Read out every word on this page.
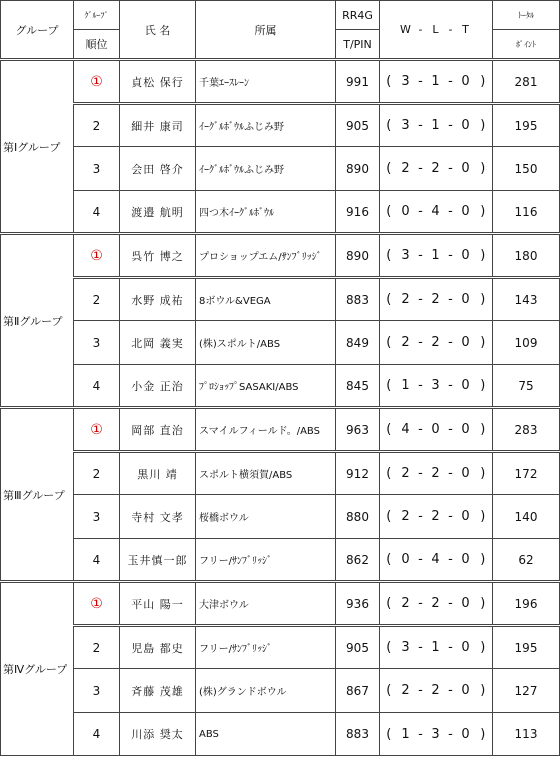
グループ	ｸﾞﾙｰﾌﾟ	氏 名	所属	RR4G		W	-	L	-	T		ﾄｰﾀﾙ
	順位			T/PIN								ﾎﾟｲﾝﾄ
第Ⅰグループ	①	貞松 保行	千葉ｴｰｽﾚｰﾝ	991	(	3	-	1	-	0	)	281
	2	細井 康司	ｲｰｸﾞﾙﾎﾞｳﾙふじみ野	905	(	3	-	1	-	0	)	195
	3	会田 啓介	ｲｰｸﾞﾙﾎﾞｳﾙふじみ野	890	(	2	-	2	-	0	)	150
	4	渡邉 航明	四つ木ｲｰｸﾞﾙﾎﾞｳﾙ	916	(	0	-	4	-	0	)	116
第Ⅱグループ	①	呉竹 博之	プロショップエム/ｻﾝﾌﾞﾘｯｼﾞ	890	(	3	-	1	-	0	)	180
	2	水野 成祐	8ボウル&VEGA	883	(	2	-	2	-	0	)	143
	3	北岡 義実	(株)スポルト/ABS	849	(	2	-	2	-	0	)	109
	4	小金 正治	ﾌﾟﾛｼｮｯﾌﾟSASAKI/ABS	845	(	1	-	3	-	0	)	75
第Ⅲグループ	①	岡部 直治	スマイルフィールド。/ABS	963	(	4	-	0	-	0	)	283
	2	黒川 靖	スポルト横須賀/ABS	912	(	2	-	2	-	0	)	172
	3	寺村 文孝	桜橋ボウル	880	(	2	-	2	-	0	)	140
	4	玉井慎一郎	フリー/ｻﾝﾌﾞﾘｯｼﾞ	862	(	0	-	4	-	0	)	62
第Ⅳグループ	①	平山 陽一	大津ボウル	936	(	2	-	2	-	0	)	196
	2	児島 都史	フリー/ｻﾝﾌﾞﾘｯｼﾞ	905	(	3	-	1	-	0	)	195
	3	斉藤 茂雄	(株)グランドボウル	867	(	2	-	2	-	0	)	127
	4	川添 奨太	ABS	883	(	1	-	3	-	0	)	113
